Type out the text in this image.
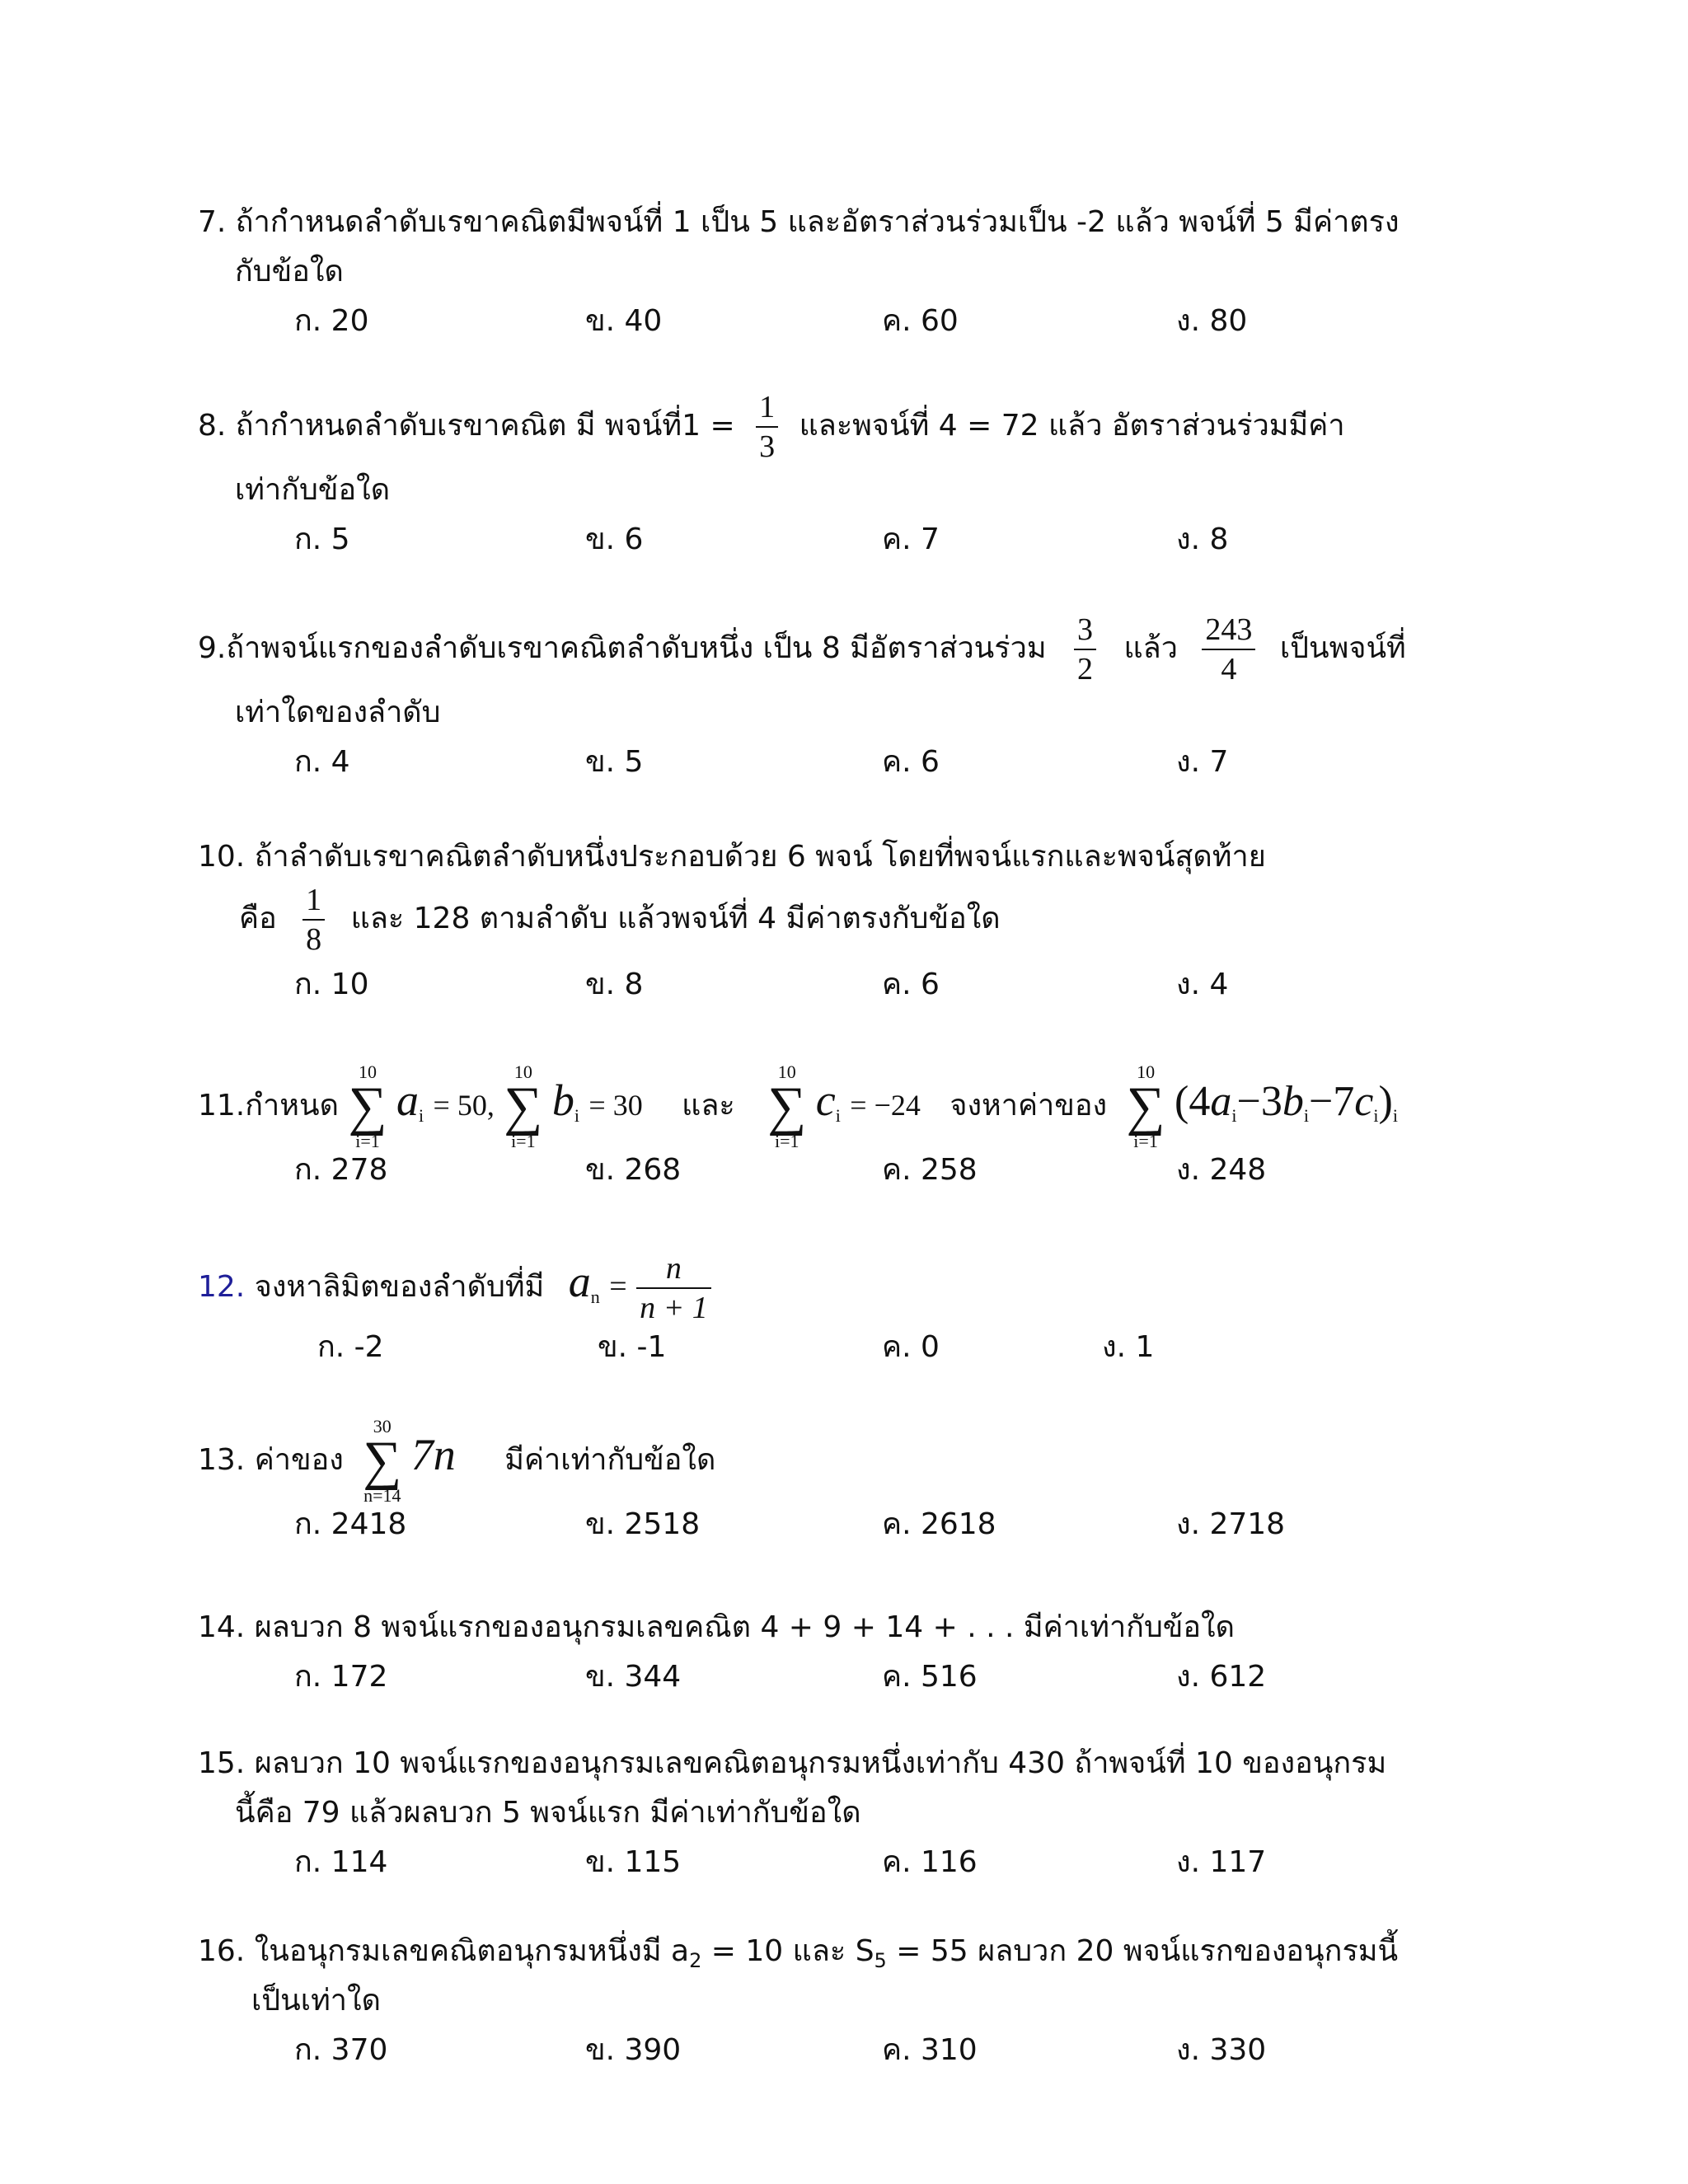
7. ถ้ากำหนดลำดับเรขาคณิตมีพจน์ที่ 1 เป็น 5 และอัตราส่วนร่วมเป็น -2 แล้ว พจน์ที่ 5 มีค่าตรง
กับข้อใด
ก. 20	ข. 40	ค. 60	ง. 80
8. ถ้ากำหนดลำดับเรขาคณิต มี พจน์ที่$1 = \frac{1}{3}$ และพจน์ที่ 4 = 72 แล้ว อัตราส่วนร่วมมีค่า
เท่ากับข้อใด
ก. 5	ข. 6	ค. 7	ง. 8
9.ถ้าพจน์แรกของลำดับเรขาคณิตลำดับหนึ่ง เป็น 8 มีอัตราส่วนร่วม $\frac{3}{2}$ แล้ว $\frac{243}{4}$ เป็นพจน์ที่
เท่าใดของลำดับ
ก. 4	ข. 5	ค. 6	ง. 7
10. ถ้าลำดับเรขาคณิตลำดับหนึ่งประกอบด้วย 6 พจน์ โดยที่พจน์แรกและพจน์สุดท้าย
คือ $\frac{1}{8}$ และ 128 ตามลำดับ แล้วพจน์ที่ 4 มีค่าตรงกับข้อใด
ก. 10	ข. 8	ค. 6	ง. 4
11.กำหนด
10
∑
i=1
$a_i = 50$,
10
∑
i=1
$b_i = 30$ และ
10
∑
i=1
$c_i = -24$ จงหาค่าของ
10
∑
i=1
$(4a_i-3b_i-7c_i)_i$
ก. 278	ข. 268	ค. 258	ง. 248
12. จงหาลิมิตของลำดับที่มี $a_n = \frac{n}{n + 1}$
ก. -2	ข. -1	ค. 0	ง. 1
13. ค่าของ
30
∑
n=14
7n มีค่าเท่ากับข้อใด
ก. 2418	ข. 2518	ค. 2618	ง. 2718
14. ผลบวก 8 พจน์แรกของอนุกรมเลขคณิต 4 + 9 + 14 + . . . มีค่าเท่ากับข้อใด
ก. 172	ข. 344	ค. 516	ง. 612
15. ผลบวก 10 พจน์แรกของอนุกรมเลขคณิตอนุกรมหนึ่งเท่ากับ 430 ถ้าพจน์ที่ 10 ของอนุกรม
นี้คือ 79 แล้วผลบวก 5 พจน์แรก มีค่าเท่ากับข้อใด
ก. 114	ข. 115	ค. 116	ง. 117
16. ในอนุกรมเลขคณิตอนุกรมหนึ่งมี $a_2 = 10$ และ $S_5 = 55$ ผลบวก 20 พจน์แรกของอนุกรมนี้
เป็นเท่าใด
ก. 370	ข. 390	ค. 310	ง. 330
